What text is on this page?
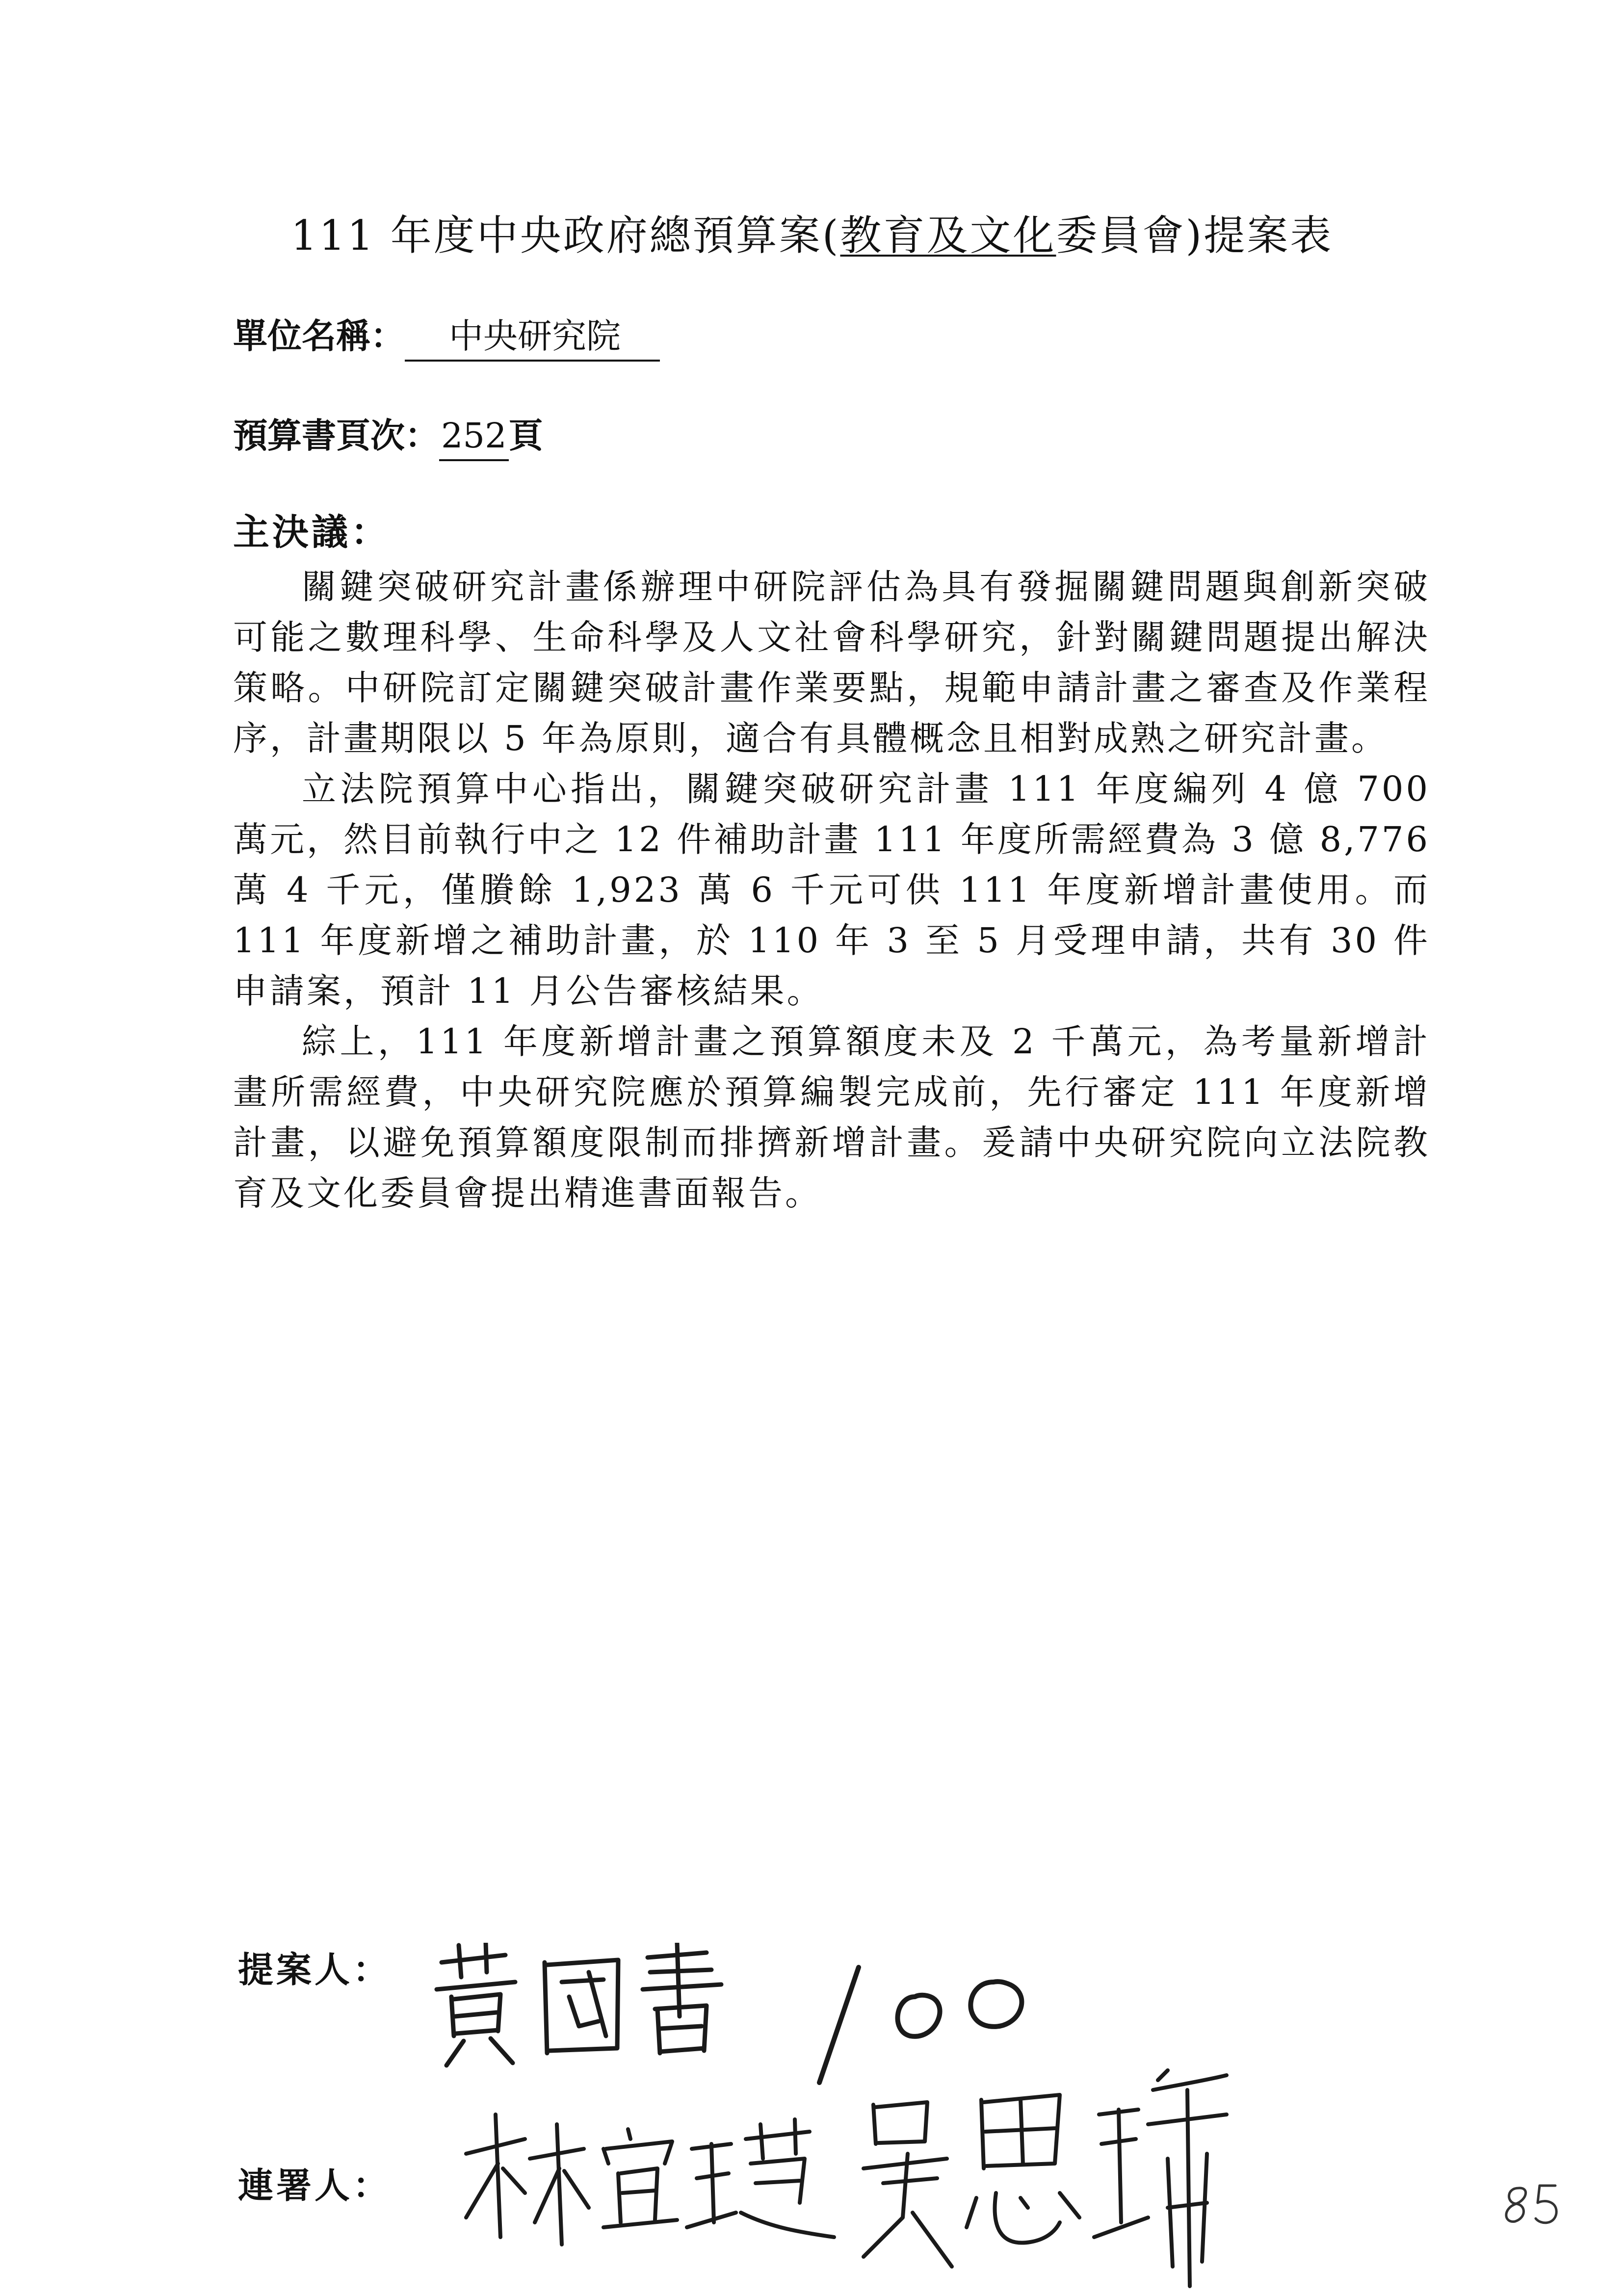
111 年度中央政府總預算案(教育及文化委員會)提案表
單位名稱： 中央研究院
預算書頁次：252頁
主決議：

關鍵突破研究計畫係辦理中研院評估為具有發掘關鍵問題與創新突破可能之數理科學、生命科學及人文社會科學研究，針對關鍵問題提出解決策略。中研院訂定關鍵突破計畫作業要點，規範申請計畫之審查及作業程序，計畫期限以 5 年為原則，適合有具體概念且相對成熟之研究計畫。

立法院預算中心指出，關鍵突破研究計畫 111 年度編列 4 億 700 萬元，然目前執行中之 12 件補助計畫 111 年度所需經費為 3 億 8,776 萬 4 千元，僅賸餘 1,923 萬 6 千元可供 111 年度新增計畫使用。而 111 年度新增之補助計畫，於 110 年 3 至 5 月受理申請，共有 30 件申請案，預計 11 月公告審核結果。

綜上，111 年度新增計畫之預算額度未及 2 千萬元，為考量新增計畫所需經費，中央研究院應於預算編製完成前，先行審定 111 年度新增計畫，以避免預算額度限制而排擠新增計畫。爰請中央研究院向立法院教育及文化委員會提出精進書面報告。

提案人：
連署人：
